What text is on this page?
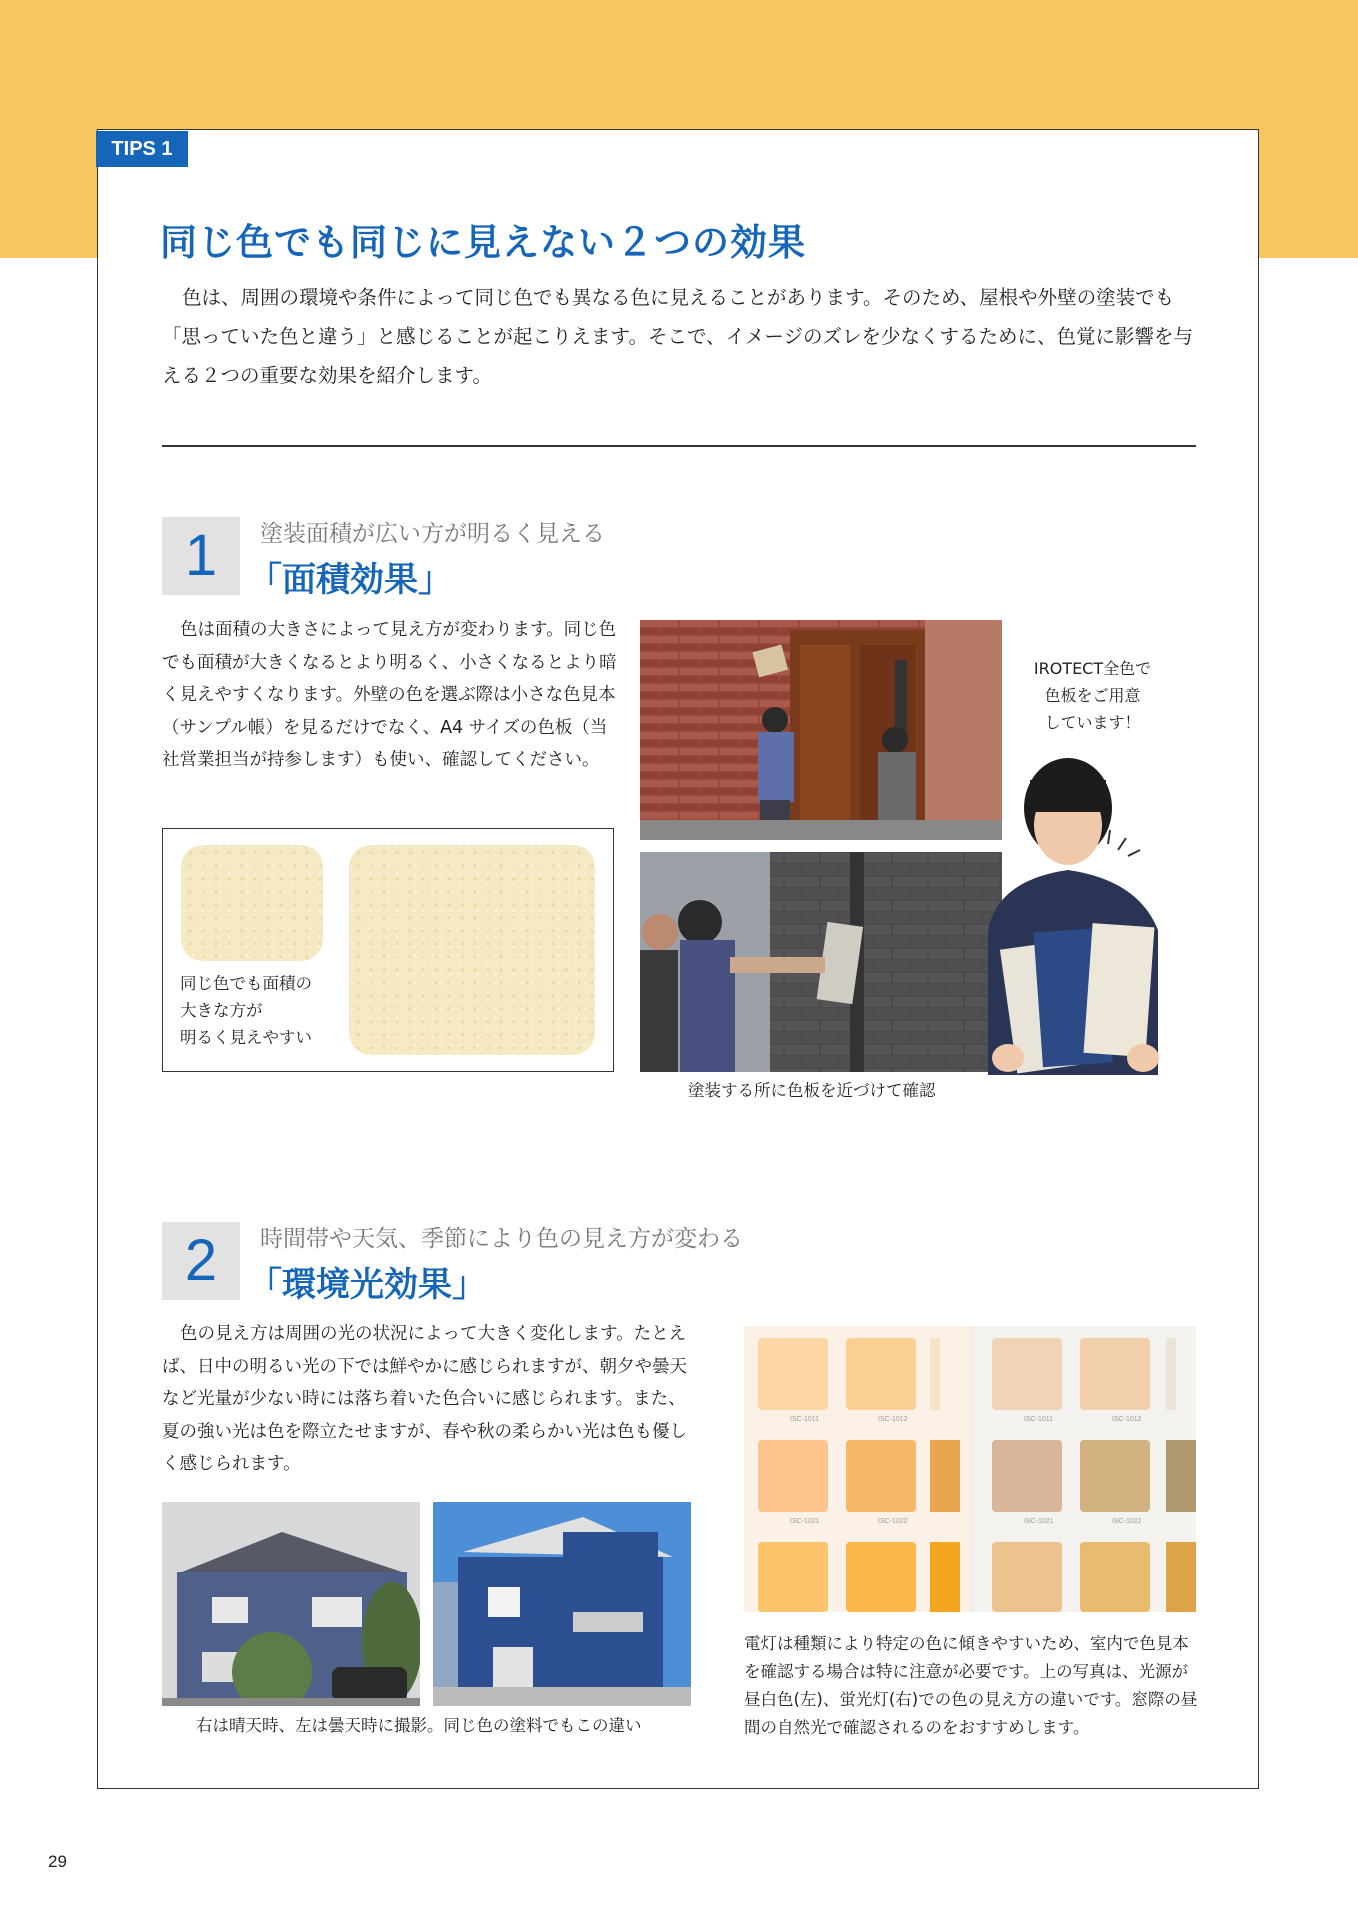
TIPS 1
同じ色でも同じに見えない２つの効果
色は、周囲の環境や条件によって同じ色でも異なる色に見えることがあります。そのため、屋根や外壁の塗装でも「思っていた色と違う」と感じることが起こりえます。そこで、イメージのズレを少なくするために、色覚に影響を与える２つの重要な効果を紹介します。
1	塗装面積が広い方が明るく見える
「面積効果」
色は面積の大きさによって見え方が変わります。同じ色でも面積が大きくなるとより明るく、小さくなるとより暗く見えやすくなります。外壁の色を選ぶ際は小さな色見本（サンプル帳）を見るだけでなく、A4 サイズの色板（当社営業担当が持参します）も使い、確認してください。
同じ色でも面積の
大きな方が
明るく見えやすい
塗装する所に色板を近づけて確認
IROTECT全色で
色板をご用意
しています！
2	時間帯や天気、季節により色の見え方が変わる
「環境光効果」
色の見え方は周囲の光の状況によって大きく変化します。たとえば、日中の明るい光の下では鮮やかに感じられますが、朝夕や曇天など光量が少ない時には落ち着いた色合いに感じられます。また、夏の強い光は色を際立たせますが、春や秋の柔らかい光は色も優しく感じられます。
右は晴天時、左は曇天時に撮影。同じ色の塗料でもこの違い
ISC-1011	ISC-1012
ISC-1021	ISC-1022
ISC-1011	ISC-1012
ISC-1021	ISC-1022
電灯は種類により特定の色に傾きやすいため、室内で色見本を確認する場合は特に注意が必要です。上の写真は、光源が昼白色(左)、蛍光灯(右)での色の見え方の違いです。窓際の昼間の自然光で確認されるのをおすすめします。
29
